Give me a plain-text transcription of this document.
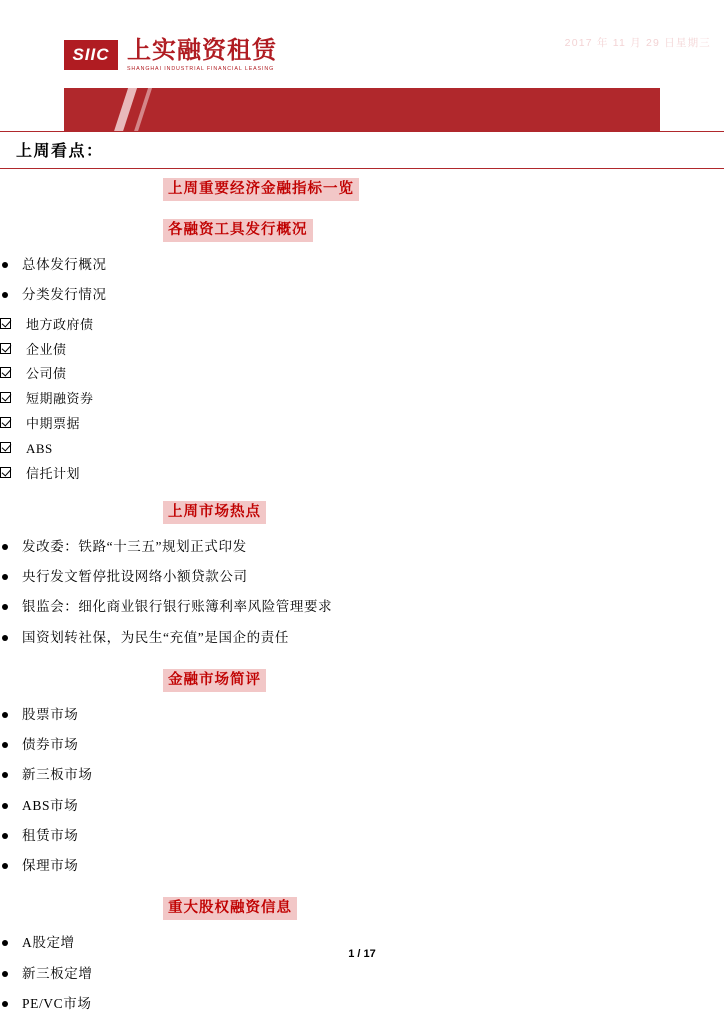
SIIC 上实融资租赁
SHANGHAI INDUSTRIAL FINANCIAL LEASING
上实融资租赁有限公司–融资工具周报
2017 年 11 月 29 日星期三
上周看点：
上周重要经济金融指标一览
各融资工具发行概况
总体发行概况
分类发行情况
地方政府债
企业债
公司债
短期融资券
中期票据
ABS
信托计划
上周市场热点
发改委：铁路“十三五”规划正式印发
央行发文暂停批设网络小额贷款公司
银监会：细化商业银行银行账簿利率风险管理要求
国资划转社保，为民生“充值”是国企的责任
金融市场简评
股票市场
债券市场
新三板市场
ABS市场
租赁市场
保理市场
重大股权融资信息
A股定增
新三板定增
PE/VC市场
1 / 17
